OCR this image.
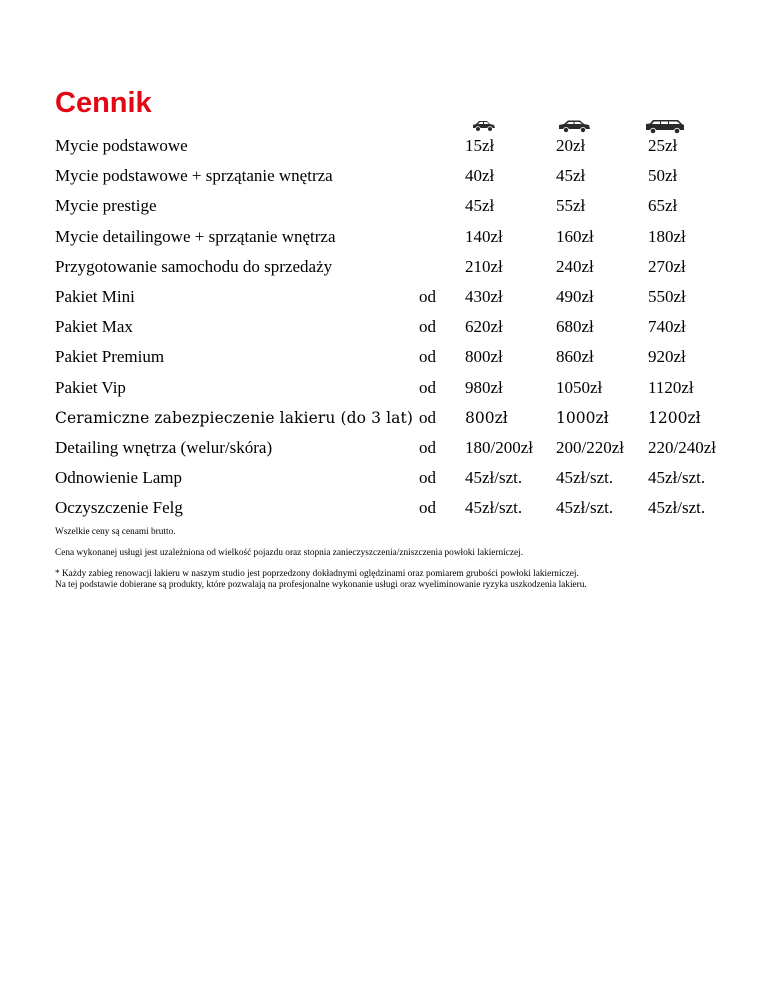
Cennik
Mycie podstawowe	15zł	20zł	25zł
Mycie podstawowe + sprzątanie wnętrza	40zł	45zł	50zł
Mycie prestige	45zł	55zł	65zł
Mycie detailingowe + sprzątanie wnętrza	140zł	160zł	180zł
Przygotowanie samochodu do sprzedaży	210zł	240zł	270zł
Pakiet Mini	od 430zł	490zł	550zł
Pakiet Max	od 620zł	680zł	740zł
Pakiet Premium	od 800zł	860zł	920zł
Pakiet Vip	od 980zł	1050zł	1120zł
Ceramiczne zabezpieczenie lakieru (do 3 lat) od 800zł	1000zł	1200zł
Detailing wnętrza (welur/skóra)	od 180/200zł 200/220zł 220/240zł
Odnowienie Lamp	od 45zł/szt. 45zł/szt. 45zł/szt.
Oczyszczenie Felg	od 45zł/szt. 45zł/szt. 45zł/szt.

Wszelkie ceny są cenami brutto.

Cena wykonanej usługi jest uzależniona od wielkość pojazdu oraz stopnia zanieczyszczenia/zniszczenia powłoki lakierniczej.

* Każdy zabieg renowacji lakieru w naszym studio jest poprzedzony dokładnymi oględzinami oraz pomiarem grubości powłoki lakierniczej.

Na tej podstawie dobierane są produkty, które pozwalają na profesjonalne wykonanie usługi oraz wyeliminowanie ryzyka uszkodzenia lakieru.
